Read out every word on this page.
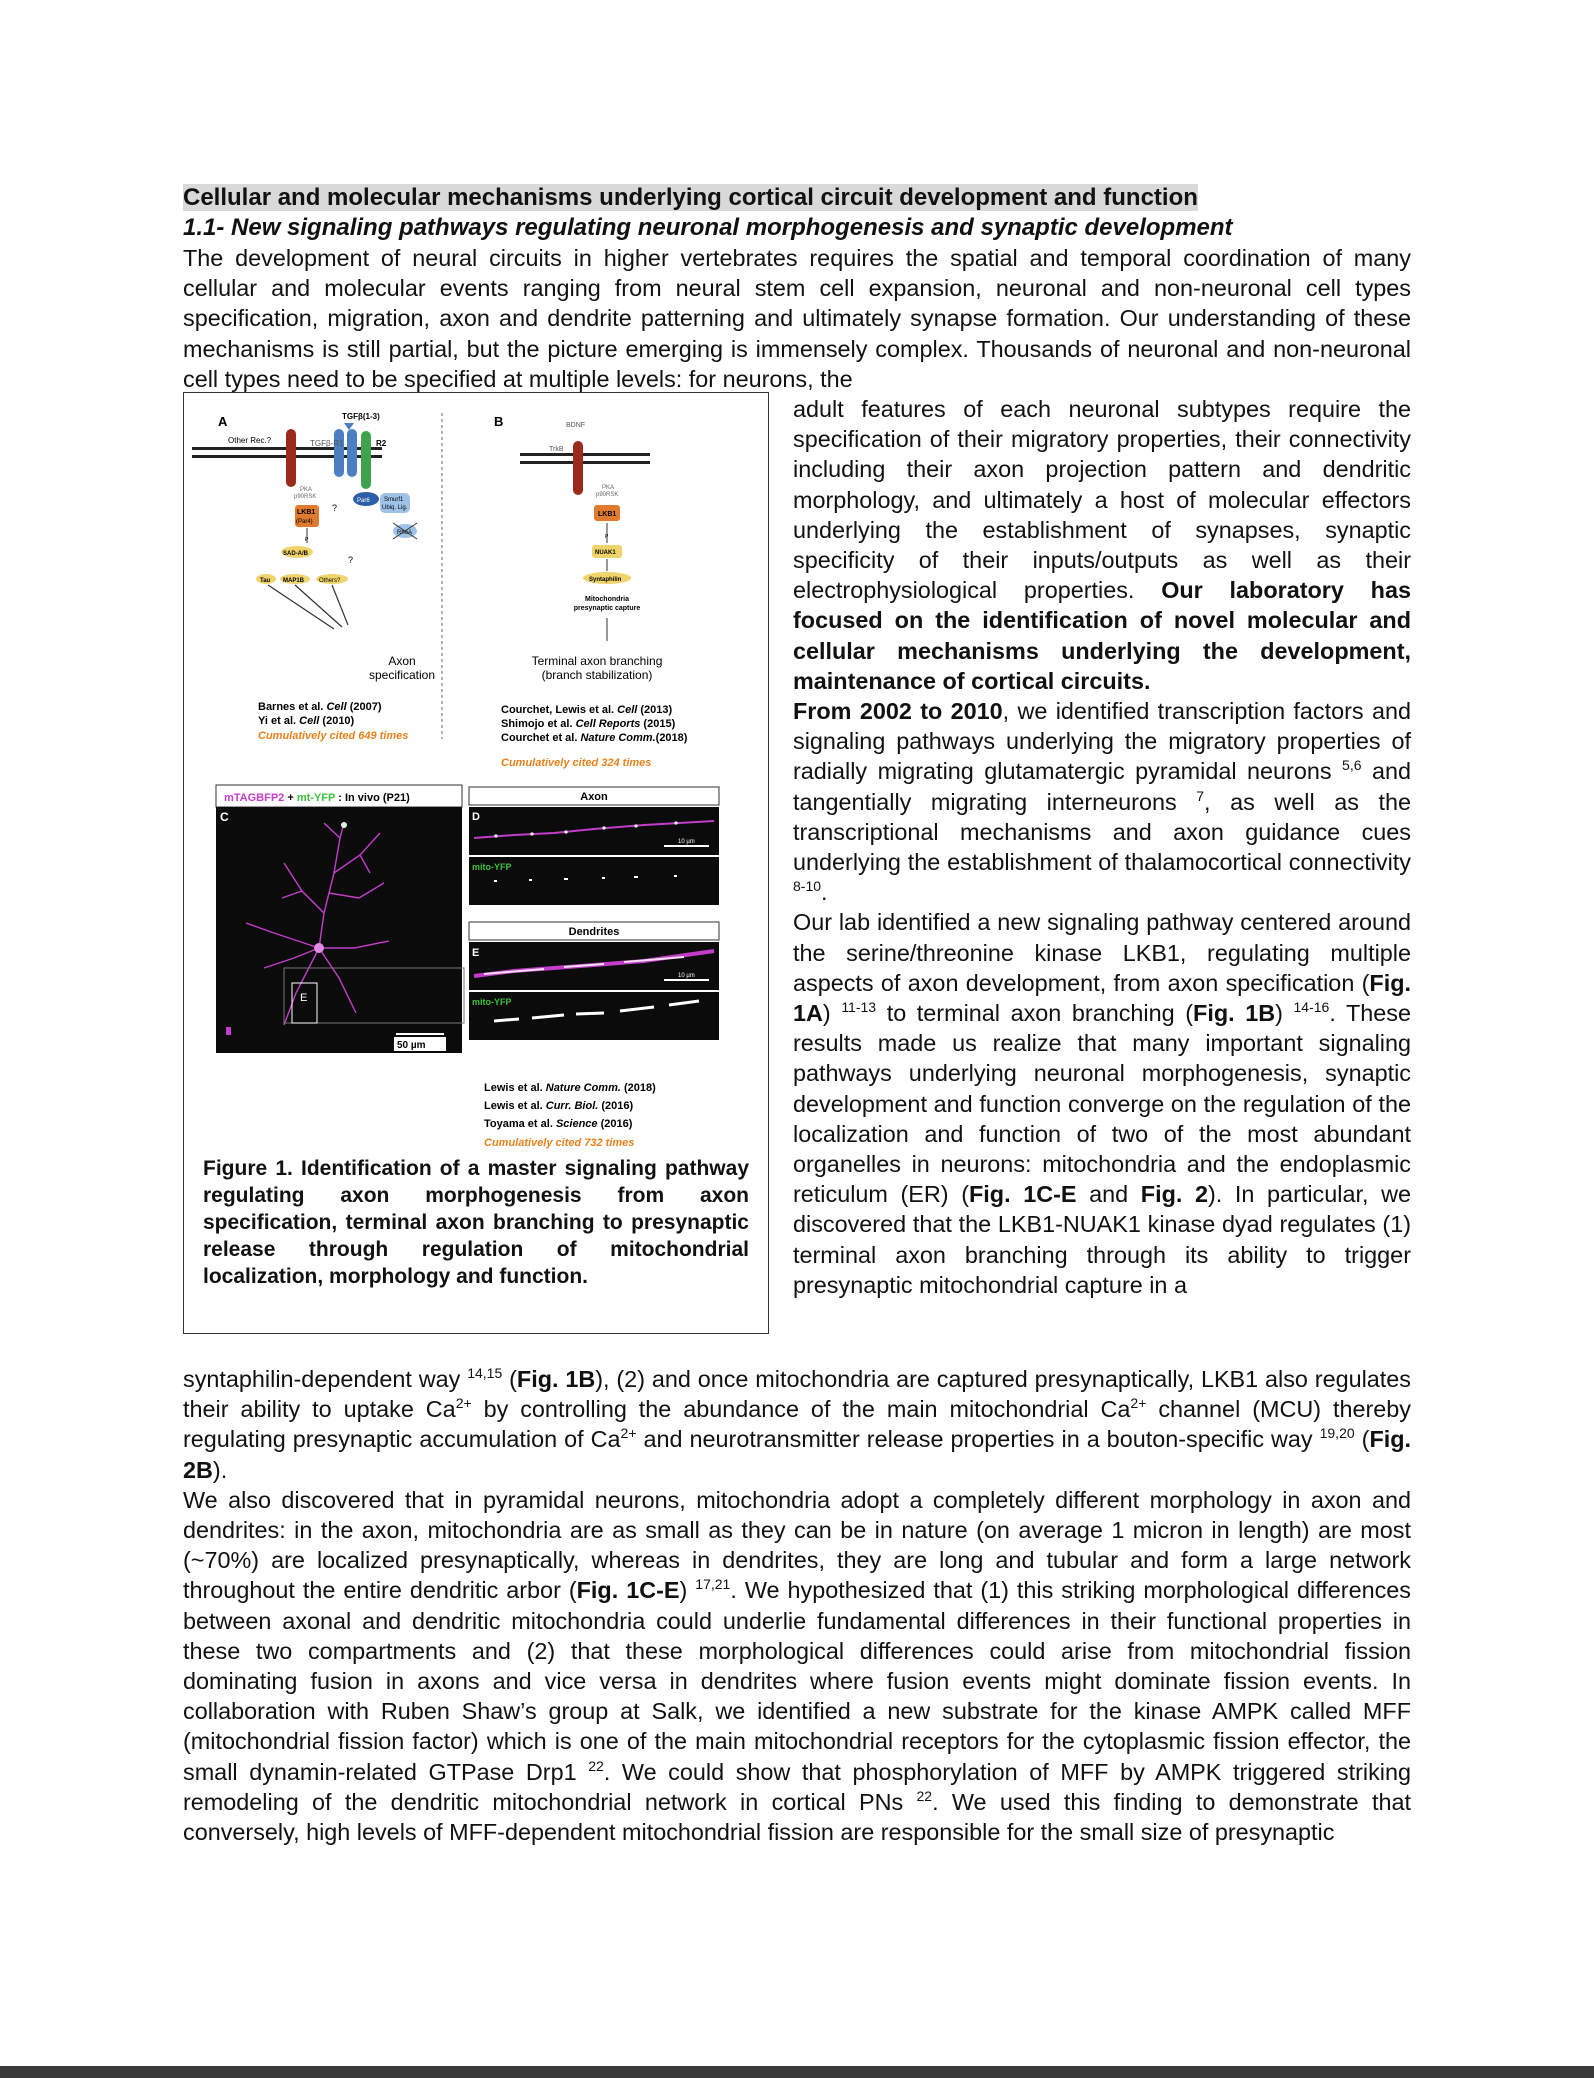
Cellular and molecular mechanisms underlying cortical circuit development and function
1.1- New signaling pathways regulating neuronal morphogenesis and synaptic development
The development of neural circuits in higher vertebrates requires the spatial and temporal coordination of many cellular and molecular events ranging from neural stem cell expansion, neuronal and non-neuronal cell types specification, migration, axon and dendrite patterning and ultimately synapse formation. Our understanding of these mechanisms is still partial, but the picture emerging is immensely complex. Thousands of neuronal and non-neuronal cell types need to be specified at multiple levels: for neurons, the
A	TGFβ(1-3)
Other Rec.?	TGFβ-R1	R2
PKA
p90RSK
LKB1
(Par4)
?
Par6 Smurf1
Ubiq. Lig.
RhoA
P
SAD-A/B
?
Tau MAP1B Others?
Axon
specification
Barnes et al. Cell (2007)
Yi et al. Cell (2010)
Cumulatively cited 649 times
B	BDNF
TrkB
PKA
p90RSK
LKB1
P
NUAK1
Syntaphilin
Mitochondria
presynaptic capture
Terminal axon branching
(branch stabilization)
Courchet, Lewis et al. Cell (2013)
Shimojo et al. Cell Reports (2015)
Courchet et al. Nature Comm.(2018)
Cumulatively cited 324 times
mTAGBFP2 + mt-YFP : In vivo (P21)
C
E
50 µm
Axon
D
10 µm
mito-YFP
Dendrites
E
10 µm
mito-YFP
Lewis et al. Nature Comm. (2018)
Lewis et al. Curr. Biol. (2016)
Toyama et al. Science (2016)
Cumulatively cited 732 times
Figure 1. Identification of a master signaling pathway regulating axon morphogenesis from axon specification, terminal axon branching to presynaptic release through regulation of mitochondrial localization, morphology and function.
adult features of each neuronal subtypes require the specification of their migratory properties, their connectivity including their axon projection pattern and dendritic morphology, and ultimately a host of molecular effectors underlying the establishment of synapses, synaptic specificity of their inputs/outputs as well as their electrophysiological properties. Our laboratory has focused on the identification of novel molecular and cellular mechanisms underlying the development, maintenance of cortical circuits.
From 2002 to 2010, we identified transcription factors and signaling pathways underlying the migratory properties of radially migrating glutamatergic pyramidal neurons $^{5,6}$ and tangentially migrating interneurons $^7$, as well as the transcriptional mechanisms and axon guidance cues underlying the establishment of thalamocortical connectivity $^{8-10}$.
Our lab identified a new signaling pathway centered around the serine/threonine kinase LKB1, regulating multiple aspects of axon development, from axon specification (Fig. 1A) $^{11-13}$ to terminal axon branching (Fig. 1B) $^{14-16}$. These results made us realize that many important signaling pathways underlying neuronal morphogenesis, synaptic development and function converge on the regulation of the localization and function of two of the most abundant organelles in neurons: mitochondria and the endoplasmic reticulum (ER) (Fig. 1C-E and Fig. 2). In particular, we discovered that the LKB1-NUAK1 kinase dyad regulates (1) terminal axon branching through its ability to trigger presynaptic mitochondrial capture in a
syntaphilin-dependent way $^{14,15}$ (Fig. 1B), (2) and once mitochondria are captured presynaptically, LKB1 also regulates their ability to uptake $Ca^{2+}$ by controlling the abundance of the main mitochondrial $Ca^{2+}$ channel (MCU) thereby regulating presynaptic accumulation of $Ca^{2+}$ and neurotransmitter release properties in a bouton-specific way $^{19,20}$ (Fig. 2B).
We also discovered that in pyramidal neurons, mitochondria adopt a completely different morphology in axon and dendrites: in the axon, mitochondria are as small as they can be in nature (on average 1 micron in length) are most (~70%) are localized presynaptically, whereas in dendrites, they are long and tubular and form a large network throughout the entire dendritic arbor (Fig. 1C-E) $^{17,21}$. We hypothesized that (1) this striking morphological differences between axonal and dendritic mitochondria could underlie fundamental differences in their functional properties in these two compartments and (2) that these morphological differences could arise from mitochondrial fission dominating fusion in axons and vice versa in dendrites where fusion events might dominate fission events. In collaboration with Ruben Shaw’s group at Salk, we identified a new substrate for the kinase AMPK called MFF (mitochondrial fission factor) which is one of the main mitochondrial receptors for the cytoplasmic fission effector, the small dynamin-related GTPase Drp1 $^{22}$. We could show that phosphorylation of MFF by AMPK triggered striking remodeling of the dendritic mitochondrial network in cortical PNs $^{22}$. We used this finding to demonstrate that conversely, high levels of MFF-dependent mitochondrial fission are responsible for the small size of presynaptic
